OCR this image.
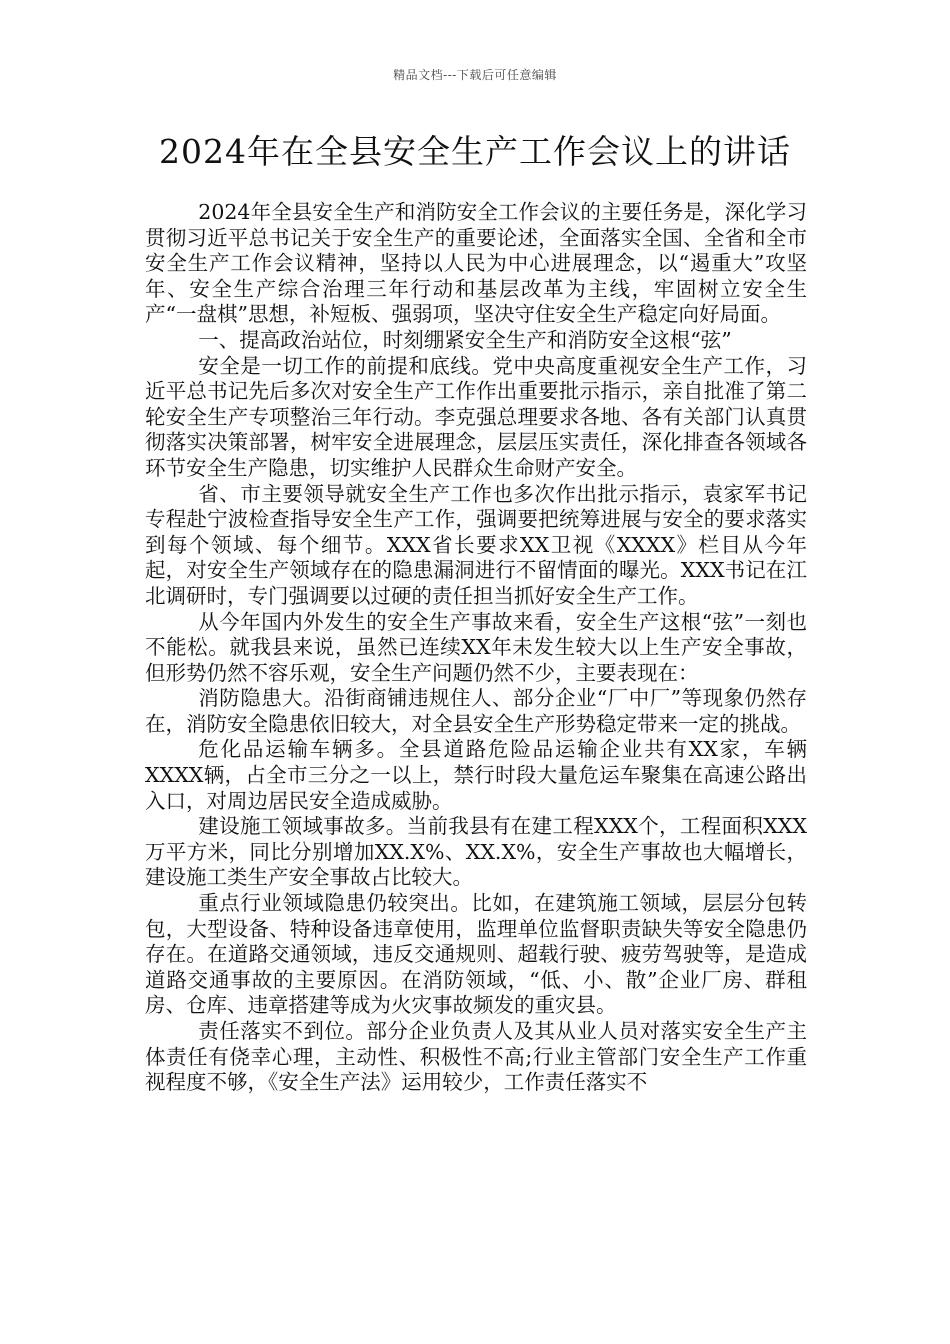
精品文档---下载后可任意编辑
2024年在全县安全生产工作会议上的讲话

2024年全县安全生产和消防安全工作会议的主要任务是，深化学习贯彻习近平总书记关于安全生产的重要论述，全面落实全国、全省和全市安全生产工作会议精神，坚持以人民为中心进展理念，以“遏重大”攻坚年、安全生产综合治理三年行动和基层改革为主线，牢固树立安全生产“一盘棋”思想，补短板、强弱项，坚决守住安全生产稳定向好局面。

一、提高政治站位，时刻绷紧安全生产和消防安全这根“弦”

安全是一切工作的前提和底线。党中央高度重视安全生产工作，习近平总书记先后多次对安全生产工作作出重要批示指示，亲自批准了第二轮安全生产专项整治三年行动。李克强总理要求各地、各有关部门认真贯彻落实决策部署，树牢安全进展理念，层层压实责任，深化排查各领域各环节安全生产隐患，切实维护人民群众生命财产安全。

省、市主要领导就安全生产工作也多次作出批示指示，袁家军书记专程赴宁波检查指导安全生产工作，强调要把统筹进展与安全的要求落实到每个领域、每个细节。XXX省长要求XX卫视《XXXX》栏目从今年起，对安全生产领域存在的隐患漏洞进行不留情面的曝光。XXX书记在江北调研时，专门强调要以过硬的责任担当抓好安全生产工作。

从今年国内外发生的安全生产事故来看，安全生产这根“弦”一刻也不能松。就我县来说，虽然已连续XX年未发生较大以上生产安全事故，但形势仍然不容乐观，安全生产问题仍然不少，主要表现在：

消防隐患大。沿街商铺违规住人、部分企业“厂中厂”等现象仍然存在，消防安全隐患依旧较大，对全县安全生产形势稳定带来一定的挑战。

危化品运输车辆多。全县道路危险品运输企业共有XX家，车辆XXXX辆，占全市三分之一以上，禁行时段大量危运车聚集在高速公路出入口，对周边居民安全造成威胁。

建设施工领域事故多。当前我县有在建工程XXX个，工程面积XXX万平方米，同比分别增加XX.X%、XX.X%，安全生产事故也大幅增长，建设施工类生产安全事故占比较大。

重点行业领域隐患仍较突出。比如，在建筑施工领域，层层分包转包，大型设备、特种设备违章使用，监理单位监督职责缺失等安全隐患仍存在。在道路交通领域，违反交通规则、超载行驶、疲劳驾驶等，是造成道路交通事故的主要原因。在消防领域，“低、小、散”企业厂房、群租房、仓库、违章搭建等成为火灾事故频发的重灾县。

责任落实不到位。部分企业负责人及其从业人员对落实安全生产主体责任有侥幸心理，主动性、积极性不高;行业主管部门安全生产工作重视程度不够，《安全生产法》运用较少，工作责任落实不
